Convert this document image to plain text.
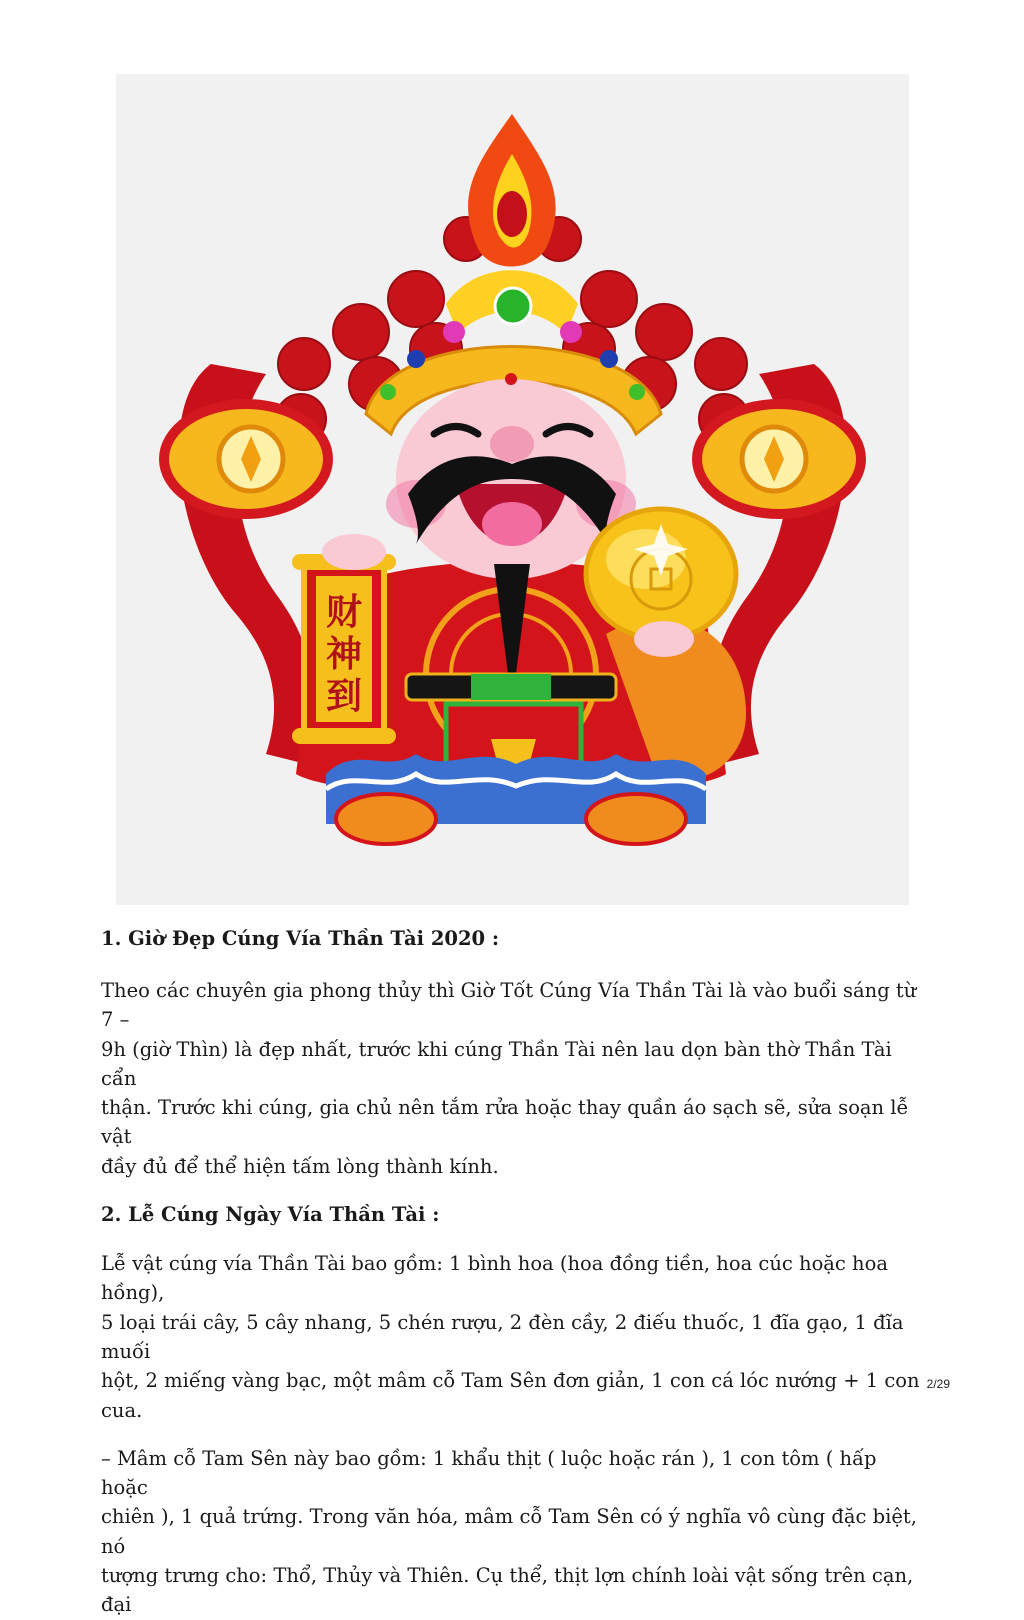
财
神
到
1. Giờ Đẹp Cúng Vía Thần Tài 2020 :

Theo các chuyên gia phong thủy thì Giờ Tốt Cúng Vía Thần Tài là vào buổi sáng từ 7 –
9h (giờ Thìn) là đẹp nhất, trước khi cúng Thần Tài nên lau dọn bàn thờ Thần Tài cẩn
thận. Trước khi cúng, gia chủ nên tắm rửa hoặc thay quần áo sạch sẽ, sửa soạn lễ vật
đầy đủ để thể hiện tấm lòng thành kính.

2. Lễ Cúng Ngày Vía Thần Tài :

Lễ vật cúng vía Thần Tài bao gồm: 1 bình hoa (hoa đồng tiền, hoa cúc hoặc hoa hồng),
5 loại trái cây, 5 cây nhang, 5 chén rượu, 2 đèn cầy, 2 điếu thuốc, 1 đĩa gạo, 1 đĩa muối
hột, 2 miếng vàng bạc, một mâm cỗ Tam Sên đơn giản, 1 con cá lóc nướng + 1 con cua.

– Mâm cỗ Tam Sên này bao gồm: 1 khẩu thịt ( luộc hoặc rán ), 1 con tôm ( hấp hoặc
chiên ), 1 quả trứng. Trong văn hóa, mâm cỗ Tam Sên có ý nghĩa vô cùng đặc biệt, nó
tượng trưng cho: Thổ, Thủy và Thiên. Cụ thể, thịt lợn chính loài vật sống trên cạn, đại

2/29
